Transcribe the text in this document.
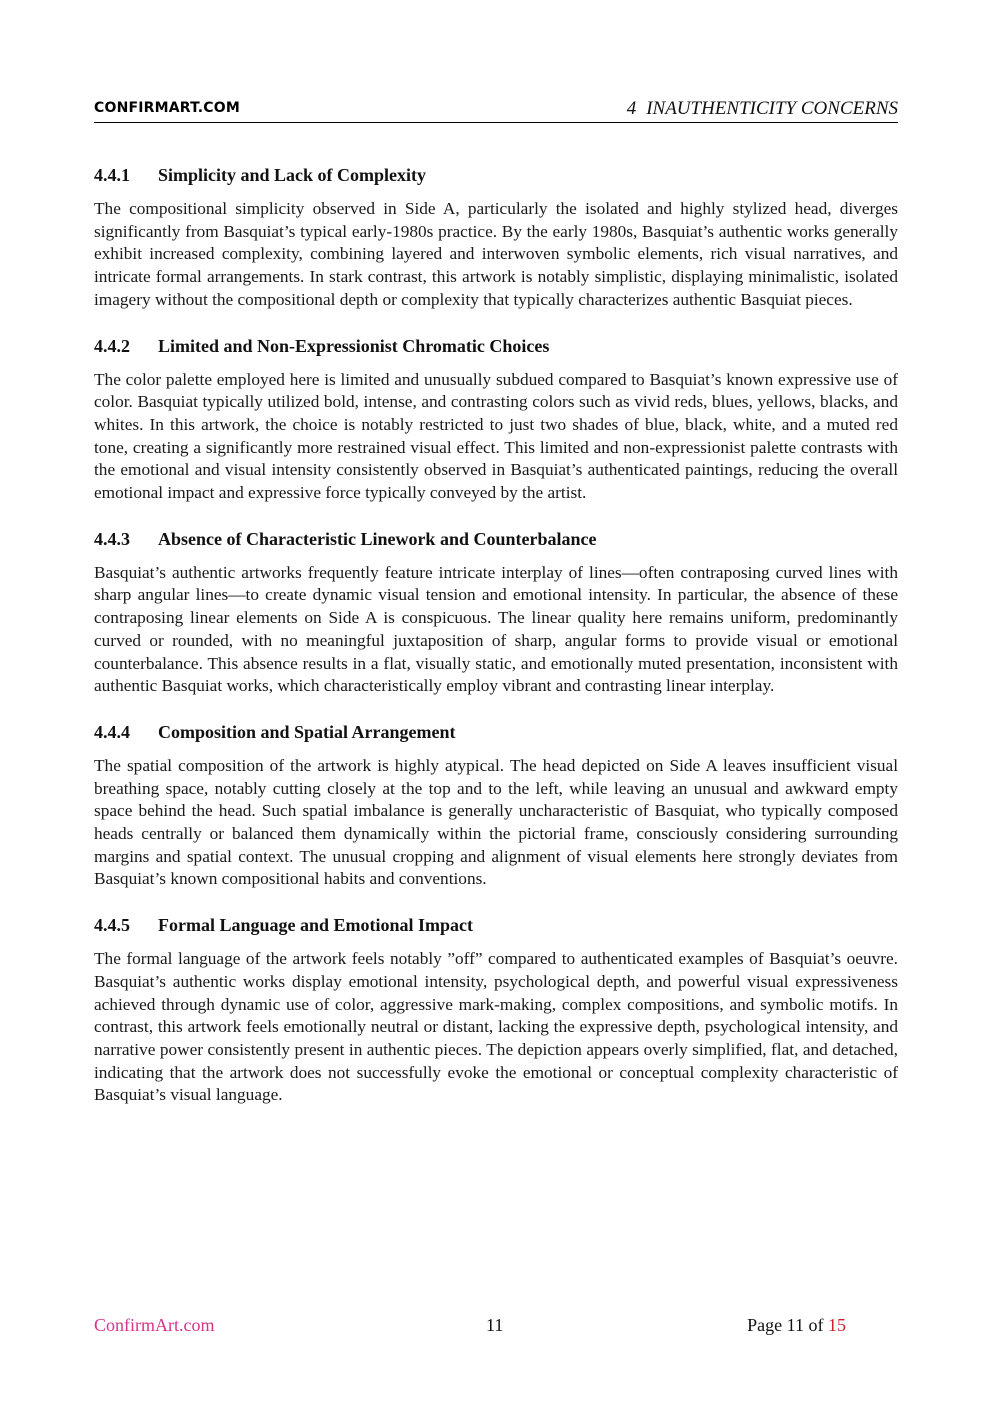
CONFIRMART.COM	4 INAUTHENTICITY CONCERNS
4.4.1 Simplicity and Lack of Complexity

The compositional simplicity observed in Side A, particularly the isolated and highly stylized head, diverges significantly from Basquiat’s typical early-1980s practice. By the early 1980s, Basquiat’s authentic works generally exhibit increased complexity, combining layered and interwoven symbolic elements, rich visual narratives, and intricate formal arrangements. In stark contrast, this artwork is notably simplistic, displaying minimalistic, isolated imagery without the compositional depth or complexity that typically characterizes authentic Basquiat pieces.

4.4.2 Limited and Non-Expressionist Chromatic Choices

The color palette employed here is limited and unusually subdued compared to Basquiat’s known expressive use of color. Basquiat typically utilized bold, intense, and contrasting colors such as vivid reds, blues, yellows, blacks, and whites. In this artwork, the choice is notably restricted to just two shades of blue, black, white, and a muted red tone, creating a significantly more restrained visual effect. This limited and non-expressionist palette contrasts with the emotional and visual intensity consistently observed in Basquiat’s authenticated paintings, reducing the overall emotional impact and expressive force typically conveyed by the artist.

4.4.3 Absence of Characteristic Linework and Counterbalance

Basquiat’s authentic artworks frequently feature intricate interplay of lines—often contraposing curved lines with sharp angular lines—to create dynamic visual tension and emotional intensity. In particular, the absence of these contraposing linear elements on Side A is conspicuous. The linear quality here remains uniform, predominantly curved or rounded, with no meaningful juxtaposition of sharp, angular forms to provide visual or emotional counterbalance. This absence results in a flat, visually static, and emotionally muted presentation, inconsistent with authentic Basquiat works, which characteristically employ vibrant and contrasting linear interplay.

4.4.4 Composition and Spatial Arrangement

The spatial composition of the artwork is highly atypical. The head depicted on Side A leaves insufficient visual breathing space, notably cutting closely at the top and to the left, while leaving an unusual and awkward empty space behind the head. Such spatial imbalance is generally uncharacteristic of Basquiat, who typically composed heads centrally or balanced them dynamically within the pictorial frame, consciously considering surrounding margins and spatial context. The unusual cropping and alignment of visual elements here strongly deviates from Basquiat’s known compositional habits and conventions.

4.4.5 Formal Language and Emotional Impact

The formal language of the artwork feels notably ”off” compared to authenticated examples of Basquiat’s oeuvre. Basquiat’s authentic works display emotional intensity, psychological depth, and powerful visual expressiveness achieved through dynamic use of color, aggressive mark-making, complex compositions, and symbolic motifs. In contrast, this artwork feels emotionally neutral or distant, lacking the expressive depth, psychological intensity, and narrative power consistently present in authentic pieces. The depiction appears overly simplified, flat, and detached, indicating that the artwork does not successfully evoke the emotional or conceptual complexity characteristic of Basquiat’s visual language.

ConfirmArt.com	11	Page 11 of 15
